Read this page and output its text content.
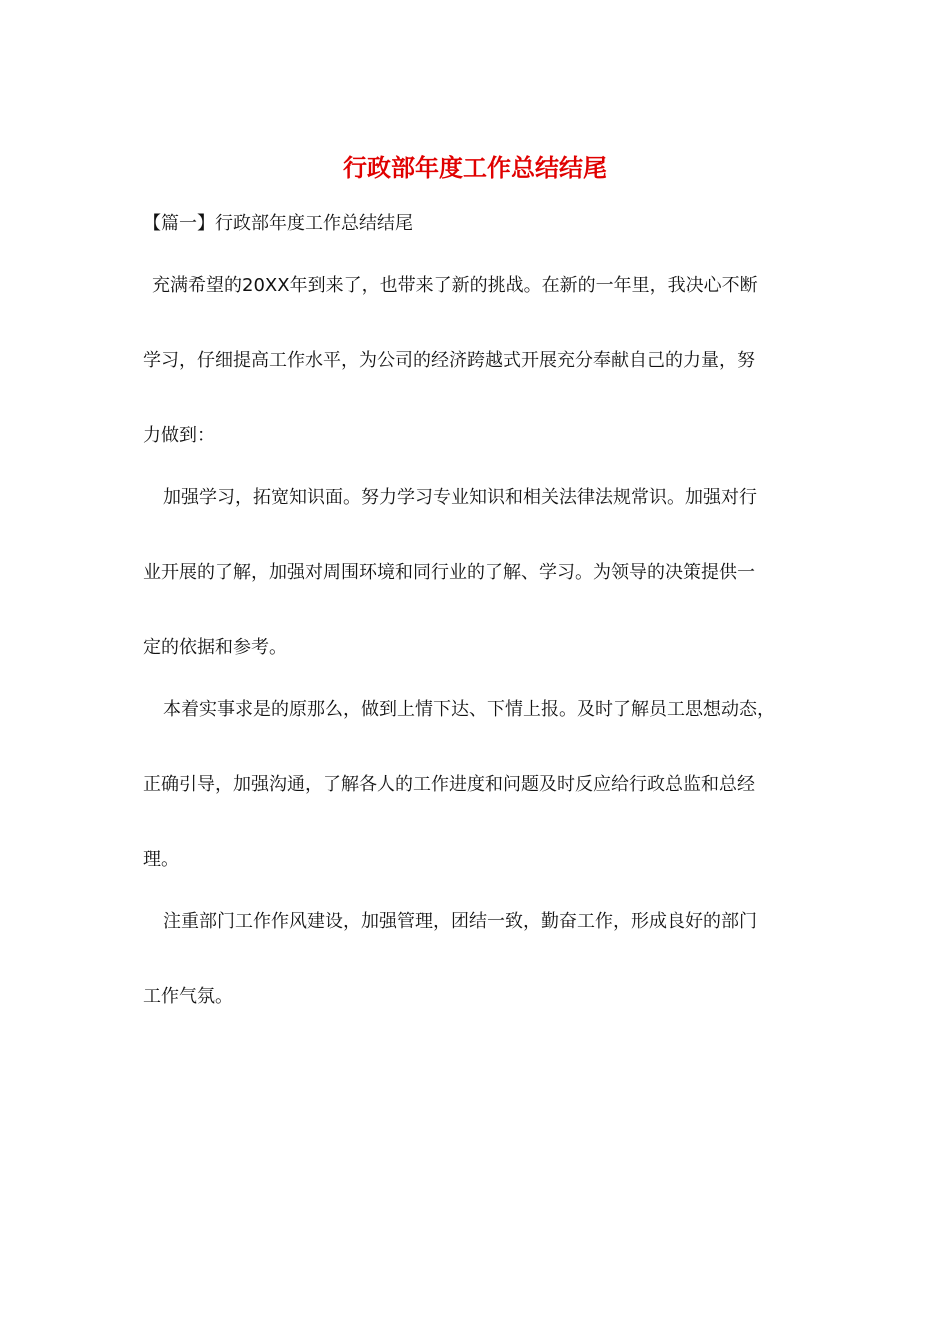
行政部年度工作总结结尾
【篇一】行政部年度工作总结结尾
充满希望的20XX年到来了，也带来了新的挑战。在新的一年里，我决心不断
学习，仔细提高工作水平，为公司的经济跨越式开展充分奉献自己的力量，努
力做到：
加强学习，拓宽知识面。努力学习专业知识和相关法律法规常识。加强对行
业开展的了解，加强对周围环境和同行业的了解、学习。为领导的决策提供一
定的依据和参考。
本着实事求是的原那么，做到上情下达、下情上报。及时了解员工思想动态，
正确引导，加强沟通，了解各人的工作进度和问题及时反应给行政总监和总经
理。
注重部门工作作风建设，加强管理，团结一致，勤奋工作，形成良好的部门
工作气氛。
